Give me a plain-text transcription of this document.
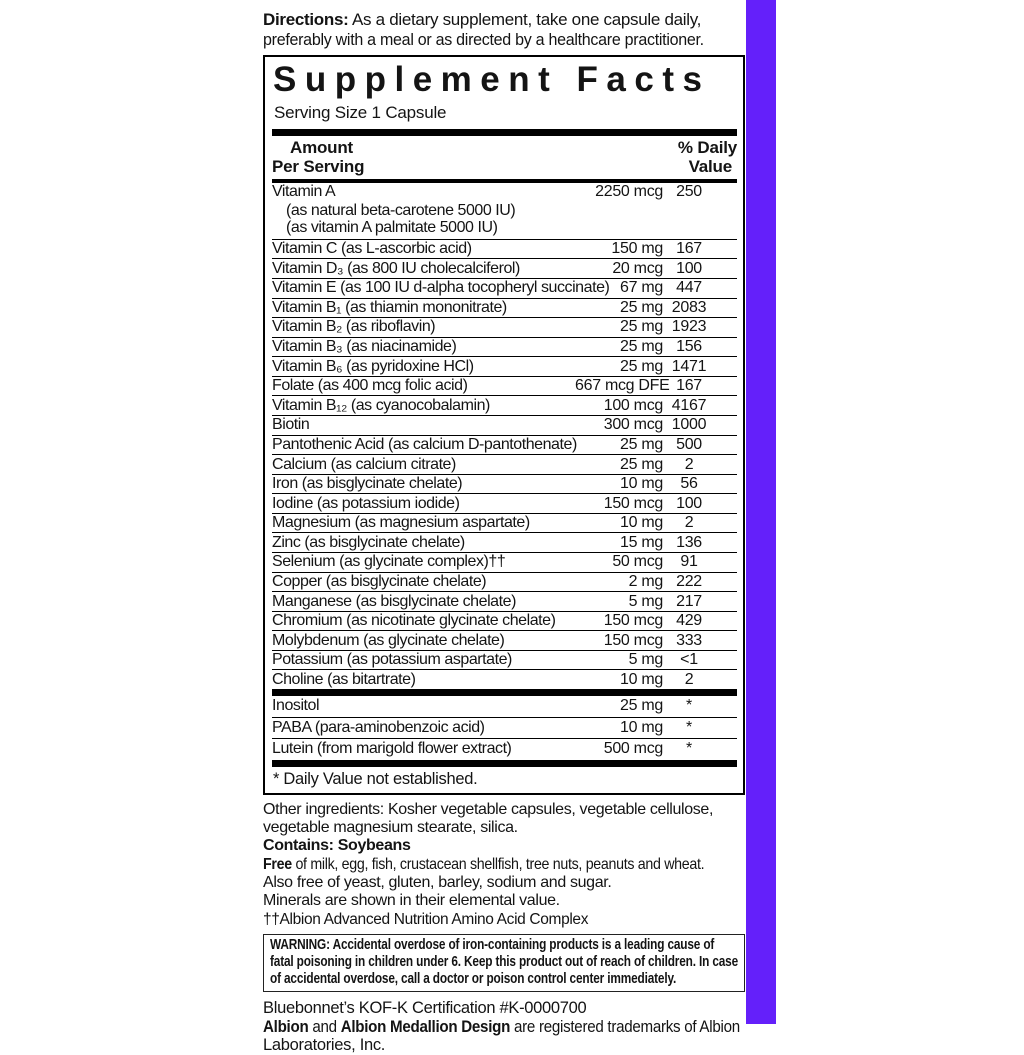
Directions: As a dietary supplement, take one capsule daily,
preferably with a meal or as directed by a healthcare practitioner.
Supplement Facts
Serving Size 1 Capsule
Amount
Per Serving
% Daily
Value
Vitamin A	2250 mcg 250
(as natural beta-carotene 5000 IU)
(as vitamin A palmitate 5000 IU)
Vitamin C (as L-ascorbic acid)	150 mg 167
Vitamin D₃ (as 800 IU cholecalciferol)	20 mcg 100
Vitamin E (as 100 IU d-alpha tocopheryl succinate) 67 mg 447
Vitamin B₁ (as thiamin mononitrate)	25 mg 2083
Vitamin B₂ (as riboflavin)	25 mg 1923
Vitamin B₃ (as niacinamide)	25 mg 156
Vitamin B₆ (as pyridoxine HCl)	25 mg 1471
Folate (as 400 mcg folic acid)	667 mcg DFE 167
Vitamin B₁₂ (as cyanocobalamin)	100 mcg 4167
Biotin	300 mcg 1000
Pantothenic Acid (as calcium D-pantothenate)	25 mg 500
Calcium (as calcium citrate)	25 mg	2
Iron (as bisglycinate chelate)	10 mg	56
Iodine (as potassium iodide)	150 mcg 100
Magnesium (as magnesium aspartate)	10 mg	2
Zinc (as bisglycinate chelate)	15 mg 136
Selenium (as glycinate complex)††	50 mcg	91
Copper (as bisglycinate chelate)	2 mg 222
Manganese (as bisglycinate chelate)	5 mg 217
Chromium (as nicotinate glycinate chelate)	150 mcg 429
Molybdenum (as glycinate chelate)	150 mcg 333
Potassium (as potassium aspartate)	5 mg	<1
Choline (as bitartrate)	10 mg	2
Inositol	25 mg	*
PABA (para-aminobenzoic acid)	10 mg	*
Lutein (from marigold flower extract)	500 mcg	*
* Daily Value not established.
Other ingredients: Kosher vegetable capsules, vegetable cellulose,
vegetable magnesium stearate, silica.
Contains: Soybeans
Free of milk, egg, fish, crustacean shellfish, tree nuts, peanuts and wheat.
Also free of yeast, gluten, barley, sodium and sugar.
Minerals are shown in their elemental value.
††Albion Advanced Nutrition Amino Acid Complex
WARNING: Accidental overdose of iron-containing products is a leading cause of fatal poisoning in children under 6. Keep this product out of reach of children. In case of accidental overdose, call a doctor or poison control center immediately.
Bluebonnet’s KOF-K Certification #K-0000700
Albion and Albion Medallion Design are registered trademarks of Albion
Laboratories, Inc.
